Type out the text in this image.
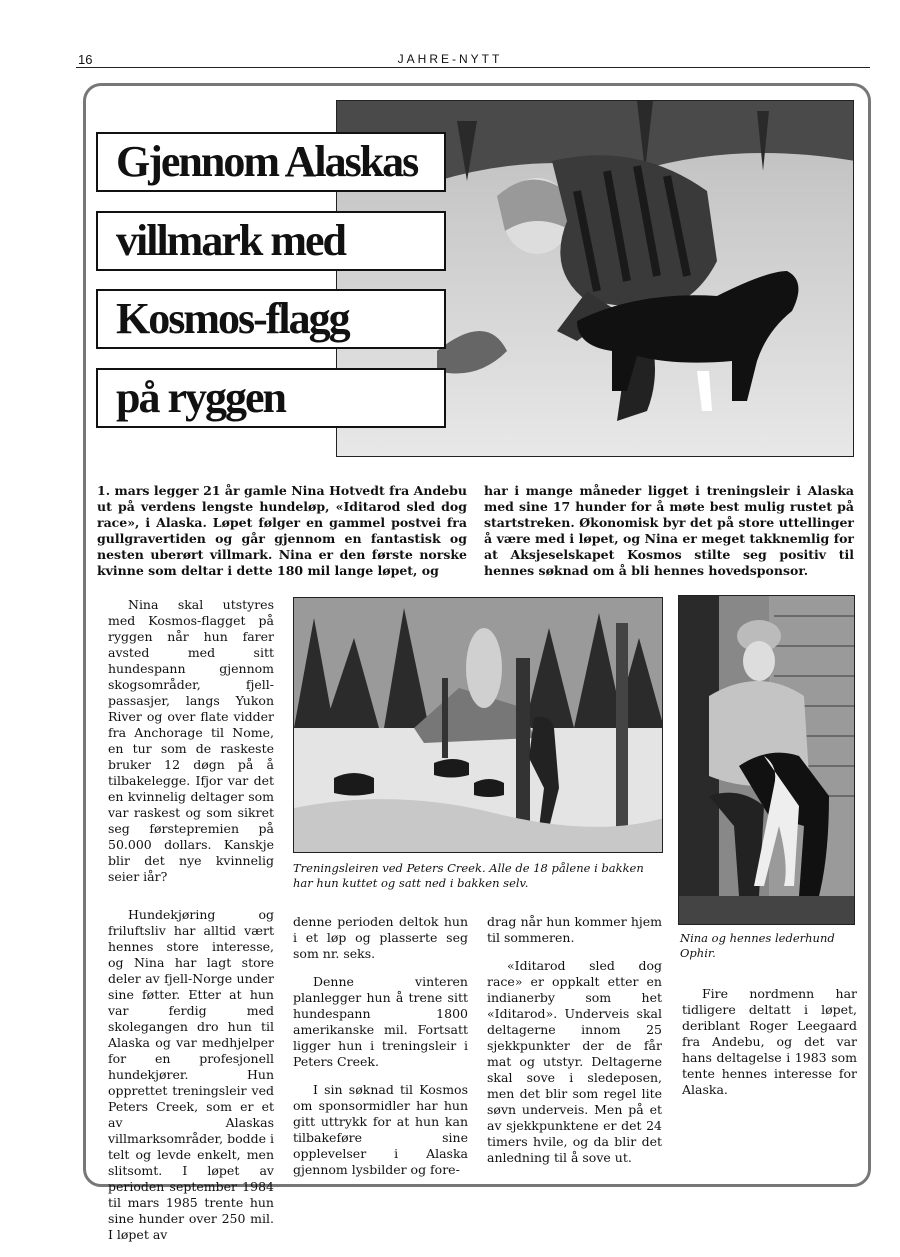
16	JAHRE-NYTT
Gjennom Alaskas
villmark med
Kosmos-flagg
på ryggen
1. mars legger 21 år gamle Nina Hotvedt fra Andebu ut på verdens lengste hundeløp, «Iditarod sled dog race», i Alaska. Løpet følger en gammel postvei fra gullgravertiden og går gjennom en fantastisk og nesten uberørt villmark. Nina er den første norske kvinne som deltar i dette 180 mil lange løpet, og
har i mange måneder ligget i treningsleir i Alaska med sine 17 hunder for å møte best mulig rustet på startstreken. Økonomisk byr det på store uttellinger å være med i løpet, og Nina er meget takknemlig for at Aksjeselskapet Kosmos stilte seg positiv til hennes søknad om å bli hennes hovedsponsor.
Treningsleiren ved Peters Creek. Alle de 18 pålene i bakken har hun kuttet og satt ned i bakken selv.
Nina og hennes lederhund Ophir.

Nina skal utstyres med Kosmos-flagget på ryggen når hun farer avsted med sitt hundespann gjennom skogsområder, fjell-passasjer, langs Yukon River og over flate vidder fra Anchorage til Nome, en tur som de raskeste bruker 12 døgn på å tilbakelegge. Ifjor var det en kvinnelig deltager som var raskest og som sikret seg førstepremien på 50.000 dollars. Kanskje blir det nye kvinnelig seier iår?

Hundekjøring og friluftsliv har alltid vært hennes store interesse, og Nina har lagt store deler av fjell-Norge under sine føtter. Etter at hun var ferdig med skolegangen dro hun til Alaska og var medhjelper for en profesjonell hundekjører. Hun opprettet treningsleir ved Peters Creek, som er et av Alaskas villmarksområder, bodde i telt og levde enkelt, men slitsomt. I løpet av perioden september 1984 til mars 1985 trente hun sine hunder over 250 mil. I løpet av

denne perioden deltok hun i et løp og plasserte seg som nr. seks.

Denne vinteren planlegger hun å trene sitt hundespann 1800 amerikanske mil. Fortsatt ligger hun i treningsleir i Peters Creek.

I sin søknad til Kosmos om sponsormidler har hun gitt uttrykk for at hun kan tilbakeføre sine opplevelser i Alaska gjennom lysbilder og fore-

drag når hun kommer hjem til sommeren.

«Iditarod sled dog race» er oppkalt etter en indianerby som het «Iditarod». Underveis skal deltagerne innom 25 sjekkpunkter der de får mat og utstyr. Deltagerne skal sove i sledeposen, men det blir som regel lite søvn underveis. Men på et av sjekkpunktene er det 24 timers hvile, og da blir det anledning til å sove ut.

Fire nordmenn har tidligere deltatt i løpet, deriblant Roger Leegaard fra Andebu, og det var hans deltagelse i 1983 som tente hennes interesse for Alaska.
